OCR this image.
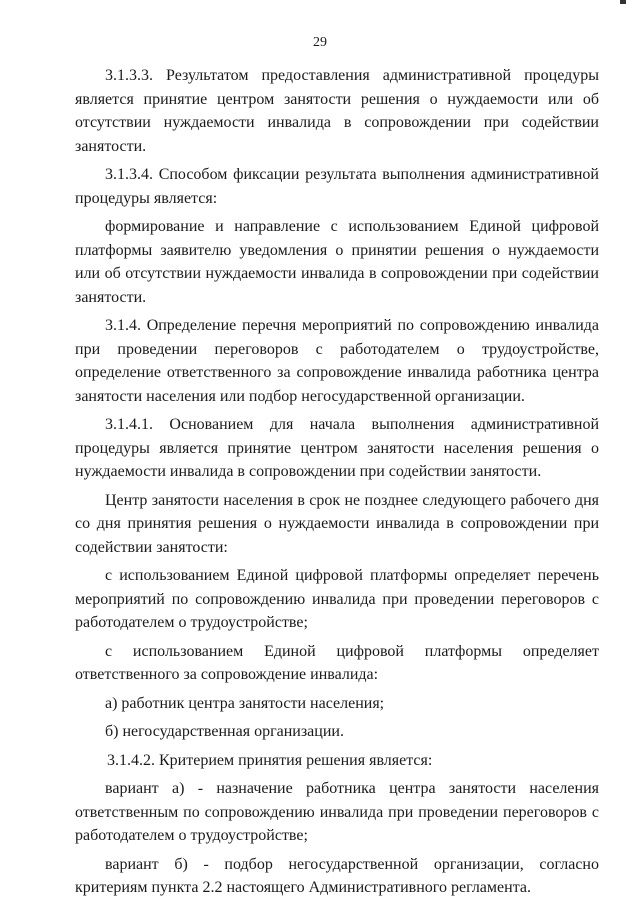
29

3.1.3.3. Результатом предоставления административной процедуры является принятие центром занятости решения о нуждаемости или об отсутствии нуждаемости инвалида в сопровождении при содействии занятости.

3.1.3.4. Способом фиксации результата выполнения административной процедуры является:

формирование и направление с использованием Единой цифровой платформы заявителю уведомления о принятии решения о нуждаемости или об отсутствии нуждаемости инвалида в сопровождении при содействии занятости.

3.1.4. Определение перечня мероприятий по сопровождению инвалида при проведении переговоров с работодателем о трудоустройстве, определение ответственного за сопровождение инвалида работника центра занятости населения или подбор негосударственной организации.

3.1.4.1. Основанием для начала выполнения административной процедуры является принятие центром занятости населения решения о нуждаемости инвалида в сопровождении при содействии занятости.

Центр занятости населения в срок не позднее следующего рабочего дня со дня принятия решения о нуждаемости инвалида в сопровождении при содействии занятости:

с использованием Единой цифровой платформы определяет перечень мероприятий по сопровождению инвалида при проведении переговоров с работодателем о трудоустройстве;

с использованием Единой цифровой платформы определяет ответственного за сопровождение инвалида:

а) работник центра занятости населения;

б) негосударственная организации.

3.1.4.2. Критерием принятия решения является:

вариант а) - назначение работника центра занятости населения ответственным по сопровождению инвалида при проведении переговоров с работодателем о трудоустройстве;

вариант б) - подбор негосударственной организации, согласно критериям пункта 2.2 настоящего Административного регламента.
